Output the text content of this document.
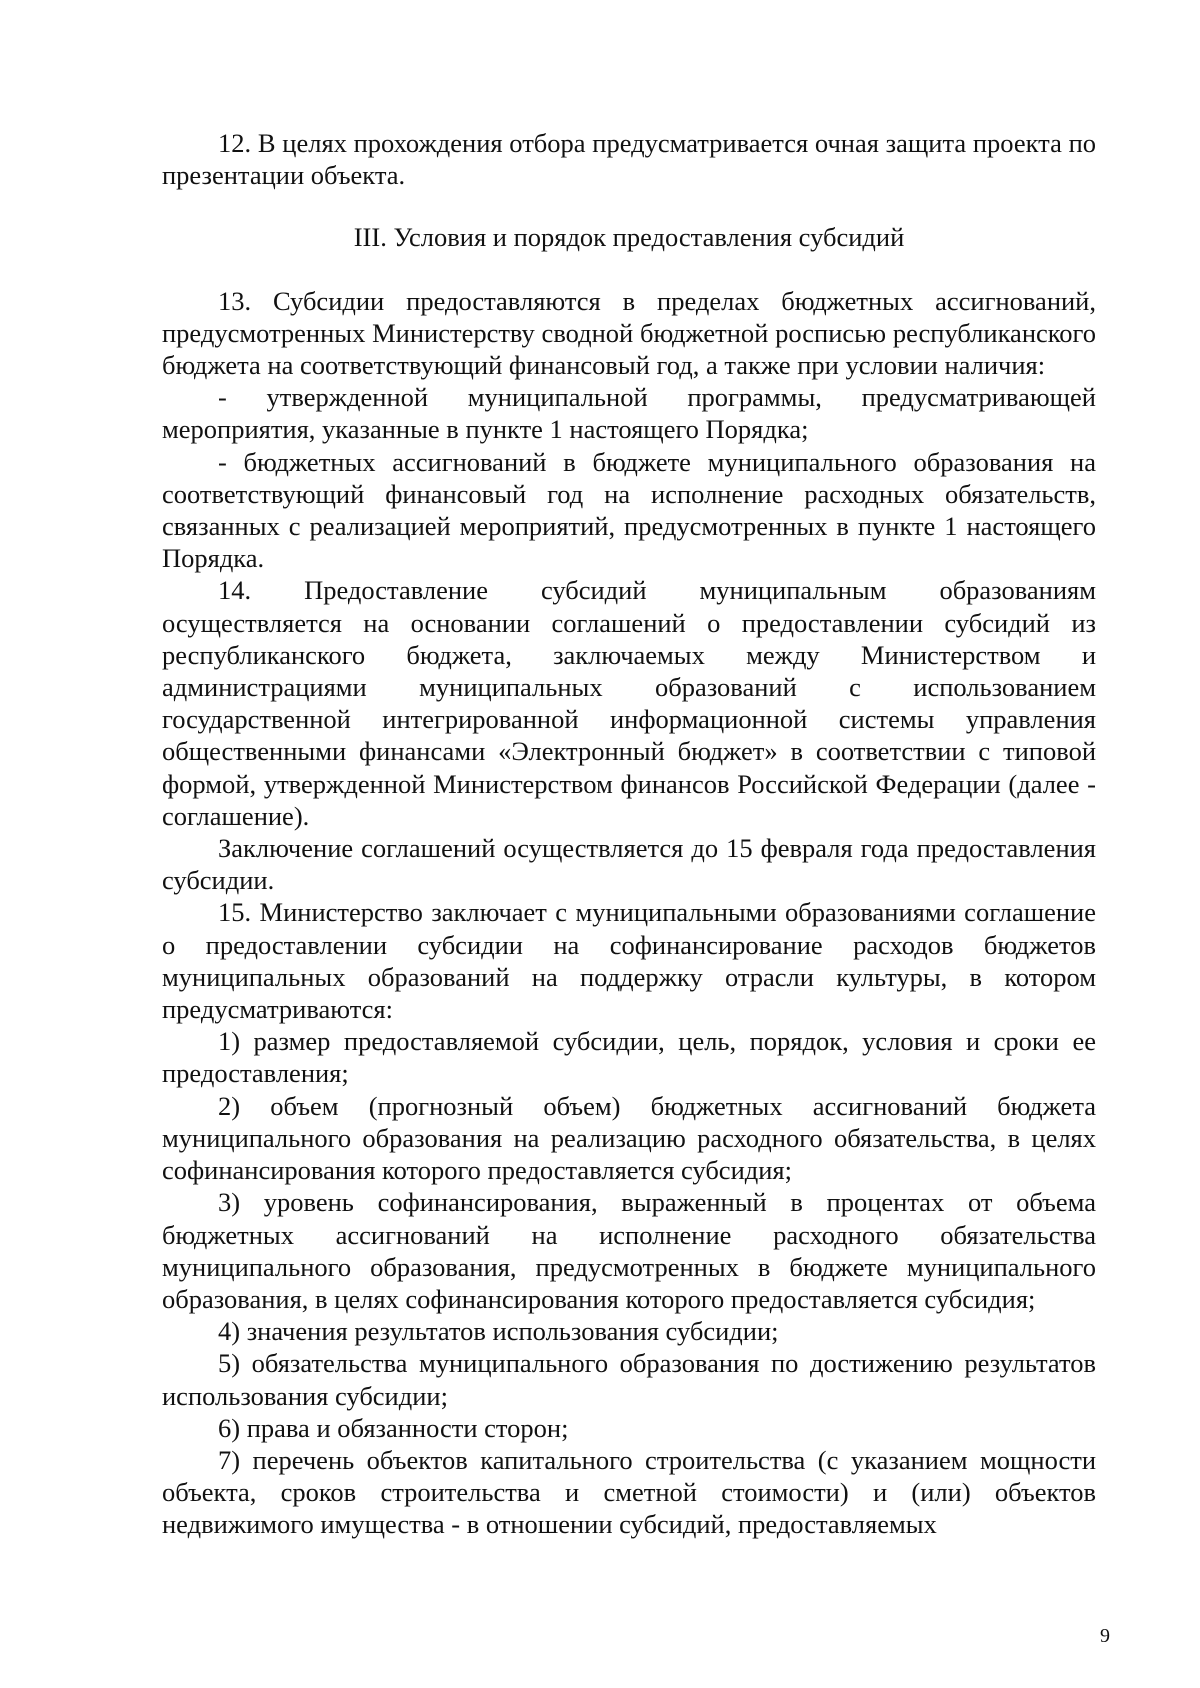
12. В целях прохождения отбора предусматривается очная защита проекта по презентации объекта.

III. Условия и порядок предоставления субсидий

13. Субсидии предоставляются в пределах бюджетных ассигнований, предусмотренных Министерству сводной бюджетной росписью республиканского бюджета на соответствующий финансовый год, а также при условии наличия:

- утвержденной муниципальной программы, предусматривающей мероприятия, указанные в пункте 1 настоящего Порядка;

- бюджетных ассигнований в бюджете муниципального образования на соответствующий финансовый год на исполнение расходных обязательств, связанных с реализацией мероприятий, предусмотренных в пункте 1 настоящего Порядка.

14. Предоставление субсидий муниципальным образованиям осуществляется на основании соглашений о предоставлении субсидий из республиканского бюджета, заключаемых между Министерством и администрациями муниципальных образований с использованием государственной интегрированной информационной системы управления общественными финансами «Электронный бюджет» в соответствии с типовой формой, утвержденной Министерством финансов Российской Федерации (далее - соглашение).

Заключение соглашений осуществляется до 15 февраля года предоставления субсидии.

15. Министерство заключает с муниципальными образованиями соглашение о предоставлении субсидии на софинансирование расходов бюджетов муниципальных образований на поддержку отрасли культуры, в котором предусматриваются:

1) размер предоставляемой субсидии, цель, порядок, условия и сроки ее предоставления;

2) объем (прогнозный объем) бюджетных ассигнований бюджета муниципального образования на реализацию расходного обязательства, в целях софинансирования которого предоставляется субсидия;

3) уровень софинансирования, выраженный в процентах от объема бюджетных ассигнований на исполнение расходного обязательства муниципального образования, предусмотренных в бюджете муниципального образования, в целях софинансирования которого предоставляется субсидия;

4) значения результатов использования субсидии;

5) обязательства муниципального образования по достижению результатов использования субсидии;

6) права и обязанности сторон;

7) перечень объектов капитального строительства (с указанием мощности объекта, сроков строительства и сметной стоимости) и (или) объектов недвижимого имущества - в отношении субсидий, предоставляемых

9
